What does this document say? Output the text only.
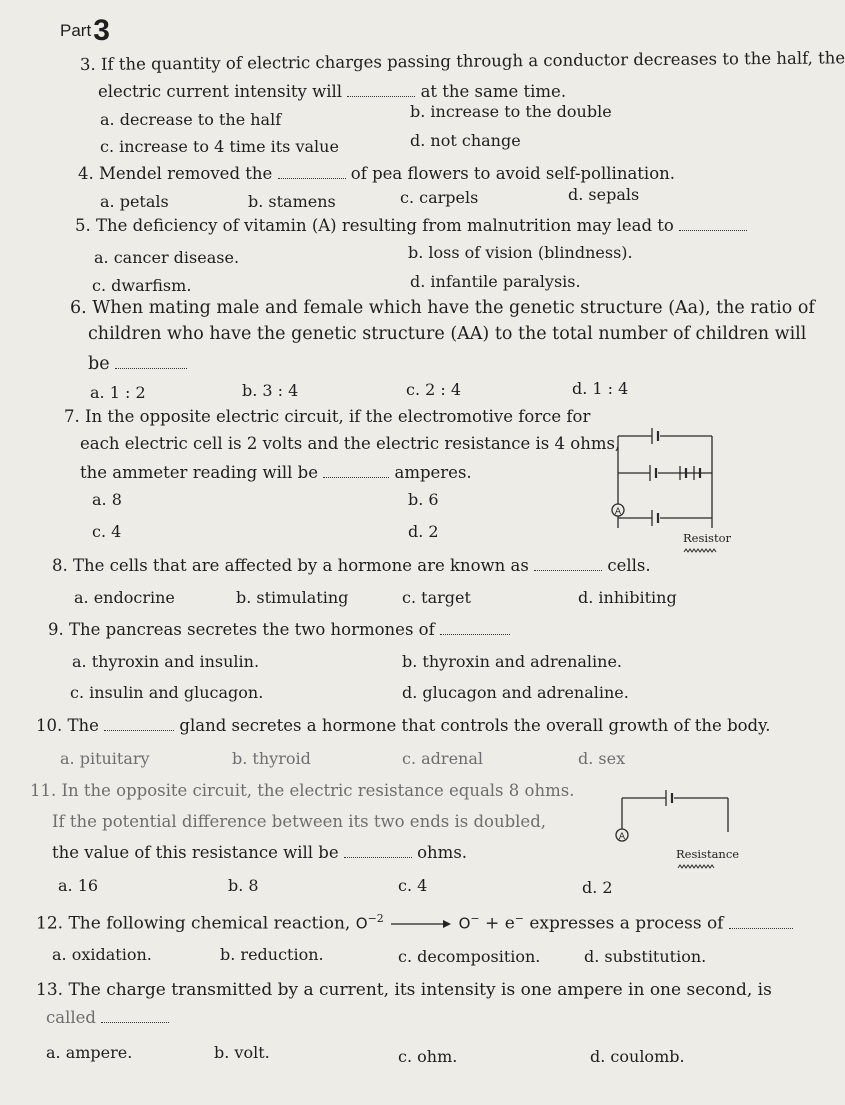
Part3
3. If the quantity of electric charges passing through a conductor decreases to the half, the
electric current intensity will	at the same time.
a. decrease to the half	b. increase to the double
c. increase to 4 time its value	d. not change
4. Mendel removed the	of pea flowers to avoid self-pollination.
a. petals	b. stamens	c. carpels	d. sepals
5. The deficiency of vitamin (A) resulting from malnutrition may lead to
a. cancer disease.	b. loss of vision (blindness).
c. dwarfism.	d. infantile paralysis.
6. When mating male and female which have the genetic structure (Aa), the ratio of
children who have the genetic structure (AA) to the total number of children will
be
a. 1 : 2	b. 3 : 4	c. 2 : 4	d. 1 : 4
7. In the opposite electric circuit, if the electromotive force for
each electric cell is 2 volts and the electric resistance is 4 ohms,
the ammeter reading will be	amperes.
a. 8	b. 6
c. 4	d. 2
A
Resistor
8. The cells that are affected by a hormone are known as	cells.
a. endocrine	b. stimulating	c. target	d. inhibiting
9. The pancreas secretes the two hormones of
a. thyroxin and insulin.	b. thyroxin and adrenaline.
c. insulin and glucagon.	d. glucagon and adrenaline.
10. The	gland secretes a hormone that controls the overall growth of the body.
a. pituitary	b. thyroid	c. adrenal	d. sex
11. In the opposite circuit, the electric resistance equals 8 ohms.
If the potential difference between its two ends is doubled,
the value of this resistance will be	ohms.
a. 16	b. 8	c. 4	d. 2
A
Resistance
12. The following chemical reaction, $O^{-2}$	O− + e− expresses a process of
a. oxidation.	b. reduction.	c. decomposition.	d. substitution.
13. The charge transmitted by a current, its intensity is one ampere in one second, is
called
a. ampere.	b. volt.	c. ohm.	d. coulomb.
